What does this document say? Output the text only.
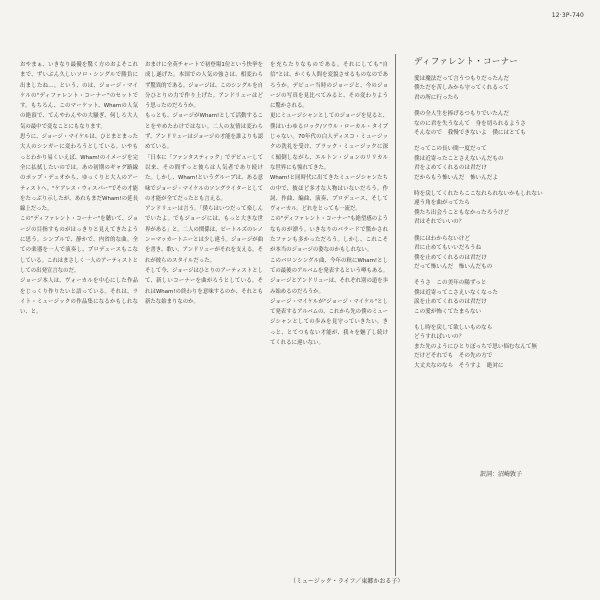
12·3P-740

おやまぁ、いきなり最優を驚く方のおよそこれまで、ずいぶん久しいソロ・シングルで勝負に出ましたね…。という、のは、ジョージ・マイケルの"ディファレント・コーナー"のセットです。もちろん、このマーケット、Whamの人気の絶頂で、てんやわんやの大騒ぎ、何しろ大人気の最中で変なことにもなります。

思うに、ジョージ・マイケルは、ひとまとまった大人のシンガーに変わろうとしている。いやもっとわかり易くいえば、Wham!のイメージを完全に払拭したいのでは。あの初期のギャグ路線のポップ・デュオから、ゆっくりと大人のアーティストへ。"ケアレス・ウィスパー"でその才能をたっぷり示したが、あれもまだWham!の延長線上だった。

この"ディファレント・コーナー"を聴いて、ジョージの目指すものがはっきりと見えてきたように思う。シンプルで、静かで、内省的な曲。全ての楽器を一人で演奏し、プロデュースもこなしている。これはまさしく一人のアーティストとしての出発宣言なのだ。

ジョージ本人は、ヴォーカルを中心にした作品をじっくり作りたいと語っている。それは、ライト・ミュージックの作品集になるかもしれない、と。

おまけに全英チャートで初登場1位という快挙を成し遂げた。本国での人気の強さは、相変わらず驚異的である。ジョージは、このシングルを自分ひとりの力で作り上げた。アンドリューはどう思ったのだろうか。

もっとも、ジョージがWham!として活動することをやめたわけではない。二人の友情は変わらず、アンドリューはジョージの才能を誰よりも認めている。

「日本に「ファンタスティック」でデビューして以来、その間ずっと彼らは人気者であり続けた。しかし、Wham!というグループは、ある意味でジョージ・マイケルのソングライターとしての才能が全てだったとも言える。

アンドリューは言う。「僕らはいつだって楽しんでいたよ。でもジョージには、もっと大きな世界がある」と。二人の関係は、ビートルズのレノン＝マッカートニーとは少し違う。ジョージが曲を書き、歌い、アンドリューがそれを支える。それが彼らのスタイルだった。

そして今、ジョージはひとりのアーティストとして、新しいコーナーを曲がろうとしている。それはWham!の終わりを意味するのか、それとも新たな始まりなのか。

を充ちたりなものである。それにしても"自信"とは、かくも人間を変貌させるものなのであろうか。デビュー当時のジョージと、今のジョージの写真を見比べてみると、その変わりように驚かされる。

更にミュージシャンとしてのジョージを見ると、僕はいわゆるロック/ソウル・ローカル・タイプじゃない。70年代の白人ディスコ・ミュージックの洗礼を受け、ブラック・ミュージックに深く傾倒しながら、エルトン・ジョンのリリカルな世界にも憧れてきた。

Wham!と同時代に出てきたミュージシャンたちの中で、彼ほど多才な人物はいないだろう。作詞、作曲、編曲、演奏、プロデュース、そしてヴォーカル。どれをとっても一流だ。

この"ディファレント・コーナー"も絶望感のようなものが漂う。いきなりのバラードで驚かされたファンも多かっただろう。しかし、これこそが本当のジョージの姿なのかもしれない。

このバロンシングル曲、今年の秋にWham!としての最後のアルバムを発表するという噂もある。ジョージとアンドリューは、それぞれ別の道を歩み始めるのだろうか。

ジョージ・マイケルが"ジョージ・マイケル"として発表するアルバムの、これから先の僕のミュージシャンとしての歩みを見守っていきたい。きっと、とてつもない才能が、我々を魅了し続けてくれるに違いない。

（ミュージック・ライフ／東郷かおる子）
ディファレント・コーナー
愛は魔法だって言うつもりだったんだ
僕ただを苦しみから守ってくれるって
君の所に行ったら
僕の全人生を捧げるつもりでいたんだ
なのに君を失うなんて　身を切られるようさ
そんなので　我慢できないよ　僕にはとても
だってこの長い間一度だって
僕は近寄ったことさえないんだもの
君をよめてくれるのは君だけ
だからもう怖いんだ　怖いんだよ
時を戻してくれたらここなれられないかもしれない
違う角を曲がってたら
僕たち出会うこともなかったろうけど
君はそれでいいの？
僕にはわからないけど
君に止めてもいいだろうね
僕を止めてくれるのは君だけ
だって怖いんだ　怖いんだもの
そうさ　この美年の陽ずっと
僕は近寄ってこさえいなくなった
涙を止めてくれるのは君だけ
この愛が怖くてたまらない
もし時を戻して欲しいものなら
どうすればいいの？
また先のようにひとりぼっちで思い悩むなんて無
だけどそれでも　その先の方で
大丈夫なのなら　そうすよ　絶対に
訳詞：沼崎敦子
